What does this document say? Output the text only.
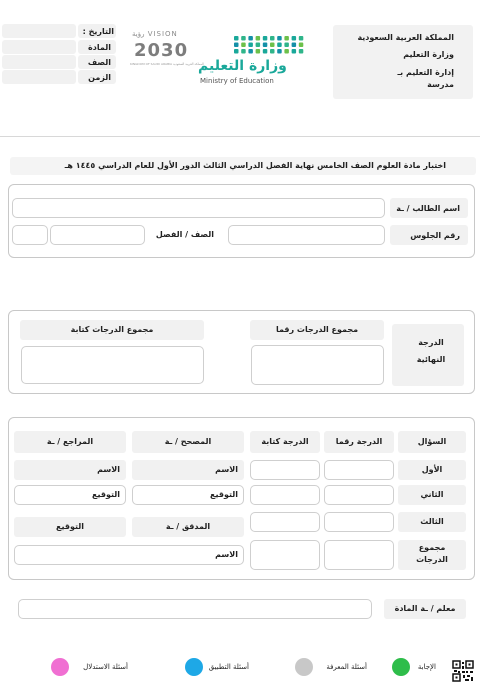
المملكة العربية السعودية
وزارة التعليم
إدارة التعليم بـ
مدرسة
التاريخ :
المادة
الصف
الزمن
VISION رؤية
2030
المملكة العربية السعودية KINGDOM OF SAUDI ARABIA
وزارة التعليم
Ministry of Education
اختبار مادة العلوم الصف الخامس نهاية الفصل الدراسي الثالث الدور الأول للعام الدراسي ١٤٤٥ هـ
اسم الطالب / ـة
رقم الجلوس
الصف / الفصل
الدرجة النهائية
مجموع الدرجات رقما
مجموع الدرجات كتابة
السؤال
الدرجة رقما
الدرجة كتابة
المصحح / ـة
المراجع / ـة
الأول
الاسم
الاسم
الثاني
التوقيع
التوقيع
الثالث
المدقق / ـة
التوقيع
مجموع الدرجات
الاسم
معلم / ـة المادة
الإجابة
أسئلة المعرفة
أسئلة التطبيق
أسئلة الاستدلال
